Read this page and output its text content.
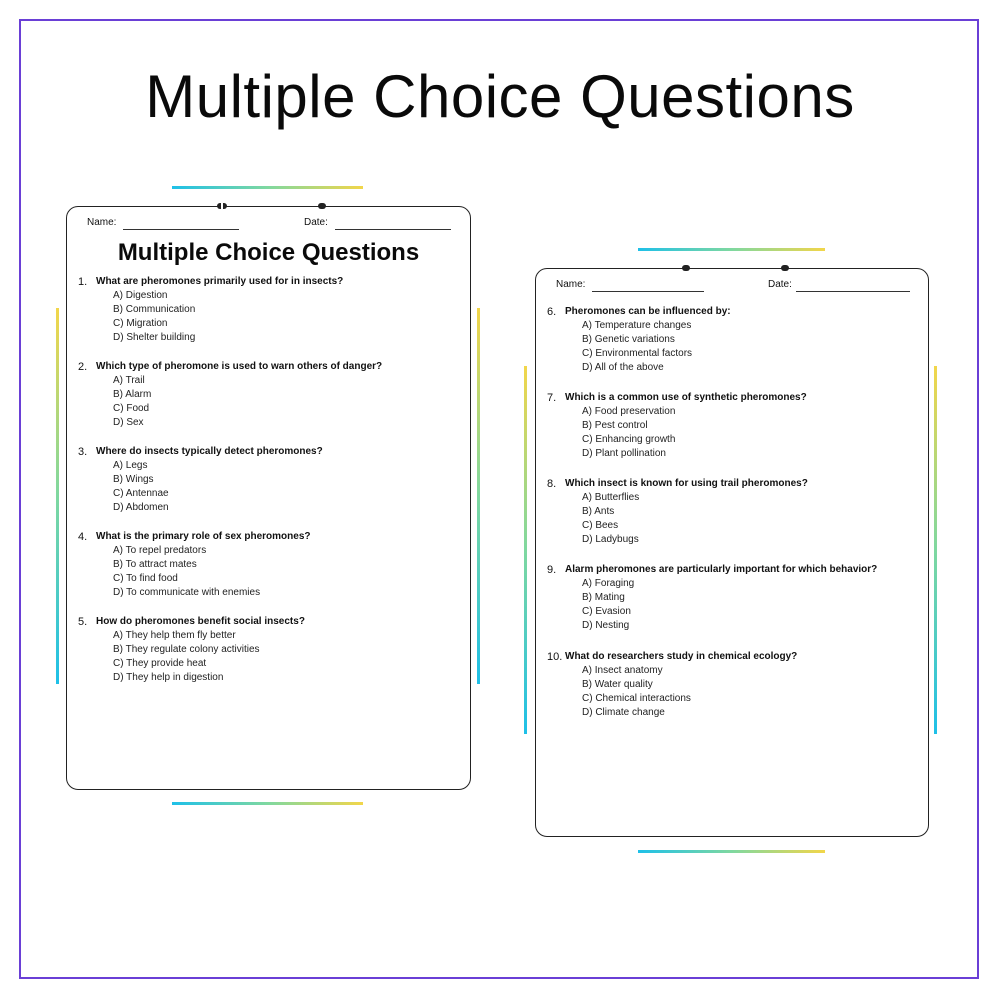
Multiple Choice Questions
Name:	Date:
Multiple Choice Questions
1. What are pheromones primarily used for in insects?
A) Digestion
B) Communication
C) Migration
D) Shelter building
2. Which type of pheromone is used to warn others of danger?
A) Trail
B) Alarm
C) Food
D) Sex
3. Where do insects typically detect pheromones?
A) Legs
B) Wings
C) Antennae
D) Abdomen
4. What is the primary role of sex pheromones?
A) To repel predators
B) To attract mates
C) To find food
D) To communicate with enemies
5. How do pheromones benefit social insects?
A) They help them fly better
B) They regulate colony activities
C) They provide heat
D) They help in digestion
Name:	Date:
6. Pheromones can be influenced by:
A) Temperature changes
B) Genetic variations
C) Environmental factors
D) All of the above
7. Which is a common use of synthetic pheromones?
A) Food preservation
B) Pest control
C) Enhancing growth
D) Plant pollination
8. Which insect is known for using trail pheromones?
A) Butterflies
B) Ants
C) Bees
D) Ladybugs
9. Alarm pheromones are particularly important for which behavior?
A) Foraging
B) Mating
C) Evasion
D) Nesting
10. What do researchers study in chemical ecology?
A) Insect anatomy
B) Water quality
C) Chemical interactions
D) Climate change
